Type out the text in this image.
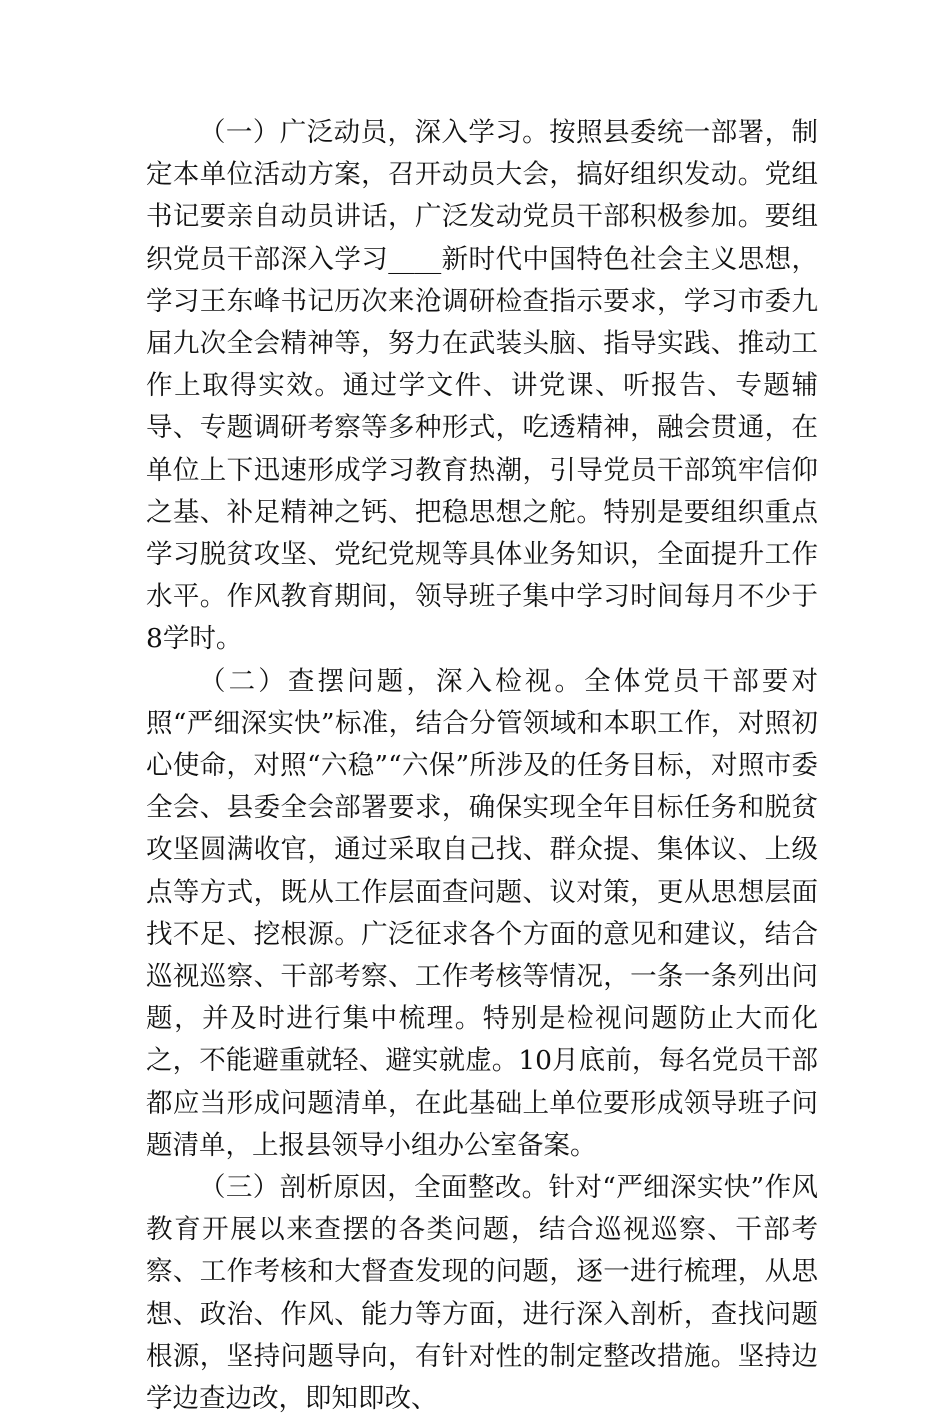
（一）广泛动员，深入学习。按照县委统一部署，制定本单位活动方案，召开动员大会，搞好组织发动。党组书记要亲自动员讲话，广泛发动党员干部积极参加。要组织党员干部深入学习____新时代中国特色社会主义思想，学习王东峰书记历次来沧调研检查指示要求，学习市委九届九次全会精神等，努力在武装头脑、指导实践、推动工作上取得实效。通过学文件、讲党课、听报告、专题辅导、专题调研考察等多种形式，吃透精神，融会贯通，在单位上下迅速形成学习教育热潮，引导党员干部筑牢信仰之基、补足精神之钙、把稳思想之舵。特别是要组织重点学习脱贫攻坚、党纪党规等具体业务知识，全面提升工作水平。作风教育期间，领导班子集中学习时间每月不少于8学时。

（二）查摆问题，深入检视。全体党员干部要对照“严细深实快”标准，结合分管领域和本职工作，对照初心使命，对照“六稳”“六保”所涉及的任务目标，对照市委全会、县委全会部署要求，确保实现全年目标任务和脱贫攻坚圆满收官，通过采取自己找、群众提、集体议、上级点等方式，既从工作层面查问题、议对策，更从思想层面找不足、挖根源。广泛征求各个方面的意见和建议，结合巡视巡察、干部考察、工作考核等情况，一条一条列出问题，并及时进行集中梳理。特别是检视问题防止大而化之，不能避重就轻、避实就虚。10月底前，每名党员干部都应当形成问题清单，在此基础上单位要形成领导班子问题清单，上报县领导小组办公室备案。

（三）剖析原因，全面整改。针对“严细深实快”作风教育开展以来查摆的各类问题，结合巡视巡察、干部考察、工作考核和大督查发现的问题，逐一进行梳理，从思想、政治、作风、能力等方面，进行深入剖析，查找问题根源，坚持问题导向，有针对性的制定整改措施。坚持边学边查边改，即知即改、
